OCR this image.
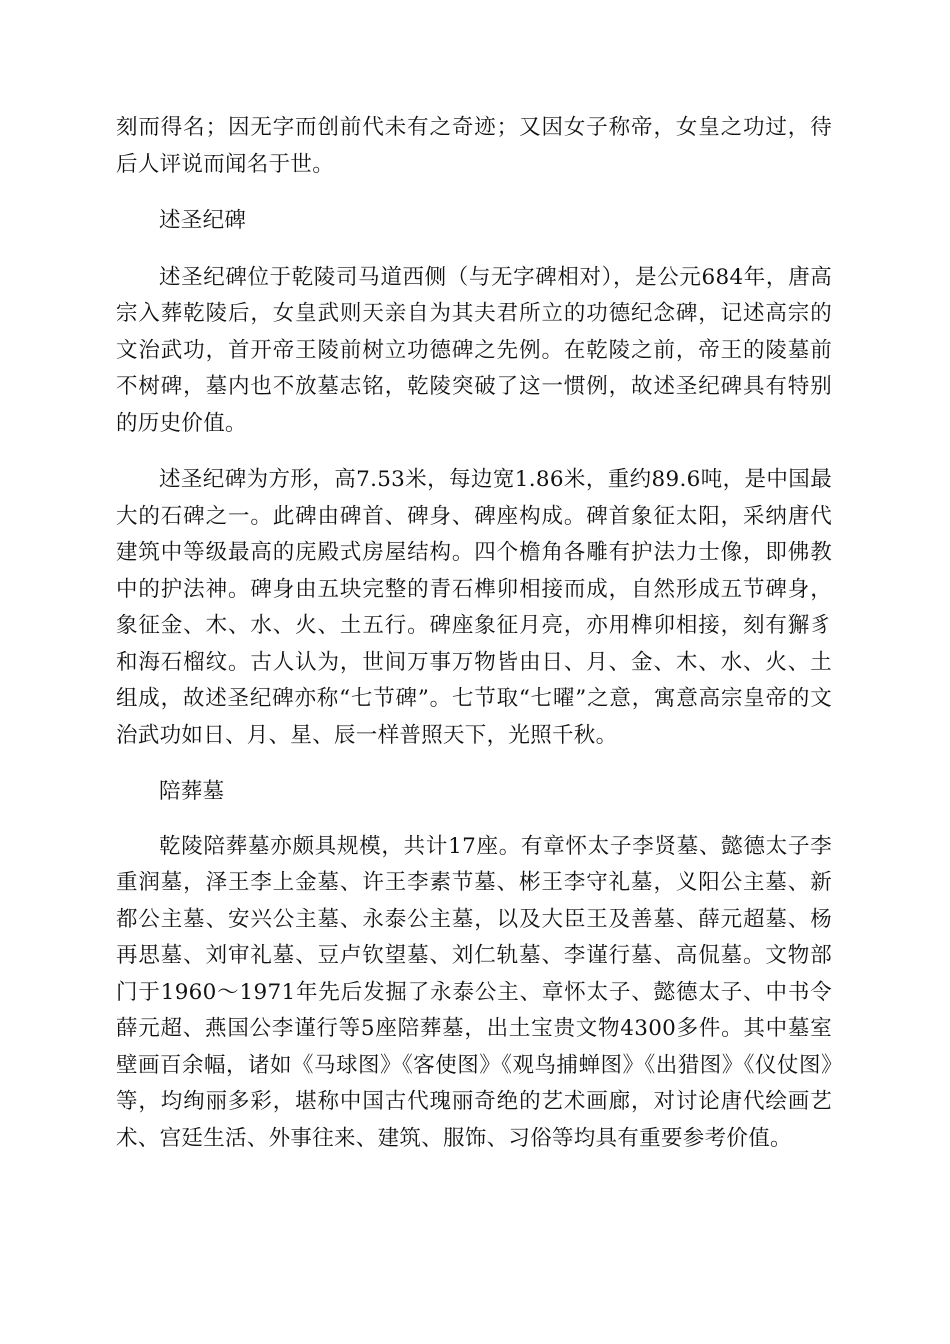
刻而得名；因无字而创前代未有之奇迹；又因女子称帝，女皇之功过，待后人评说而闻名于世。

述圣纪碑

述圣纪碑位于乾陵司马道西侧（与无字碑相对），是公元684年，唐高宗入葬乾陵后，女皇武则天亲自为其夫君所立的功德纪念碑，记述高宗的文治武功，首开帝王陵前树立功德碑之先例。在乾陵之前，帝王的陵墓前不树碑，墓内也不放墓志铭，乾陵突破了这一惯例，故述圣纪碑具有特别的历史价值。

述圣纪碑为方形，高7.53米，每边宽1.86米，重约89.6吨，是中国最大的石碑之一。此碑由碑首、碑身、碑座构成。碑首象征太阳，采纳唐代建筑中等级最高的庑殿式房屋结构。四个檐角各雕有护法力士像，即佛教中的护法神。碑身由五块完整的青石榫卯相接而成，自然形成五节碑身，象征金、木、水、火、土五行。碑座象征月亮，亦用榫卯相接，刻有獬豸和海石榴纹。古人认为，世间万事万物皆由日、月、金、木、水、火、土组成，故述圣纪碑亦称“七节碑”。七节取“七曜”之意，寓意高宗皇帝的文治武功如日、月、星、辰一样普照天下，光照千秋。

陪葬墓

乾陵陪葬墓亦颇具规模，共计17座。有章怀太子李贤墓、懿德太子李重润墓，泽王李上金墓、许王李素节墓、彬王李守礼墓，义阳公主墓、新都公主墓、安兴公主墓、永泰公主墓，以及大臣王及善墓、薛元超墓、杨再思墓、刘审礼墓、豆卢钦望墓、刘仁轨墓、李谨行墓、高侃墓。文物部门于1960～1971年先后发掘了永泰公主、章怀太子、懿德太子、中书令薛元超、燕国公李谨行等5座陪葬墓，出土宝贵文物4300多件。其中墓室壁画百余幅，诸如《马球图》《客使图》《观鸟捕蝉图》《出猎图》《仪仗图》等，均绚丽多彩，堪称中国古代瑰丽奇绝的艺术画廊，对讨论唐代绘画艺术、宫廷生活、外事往来、建筑、服饰、习俗等均具有重要参考价值。
